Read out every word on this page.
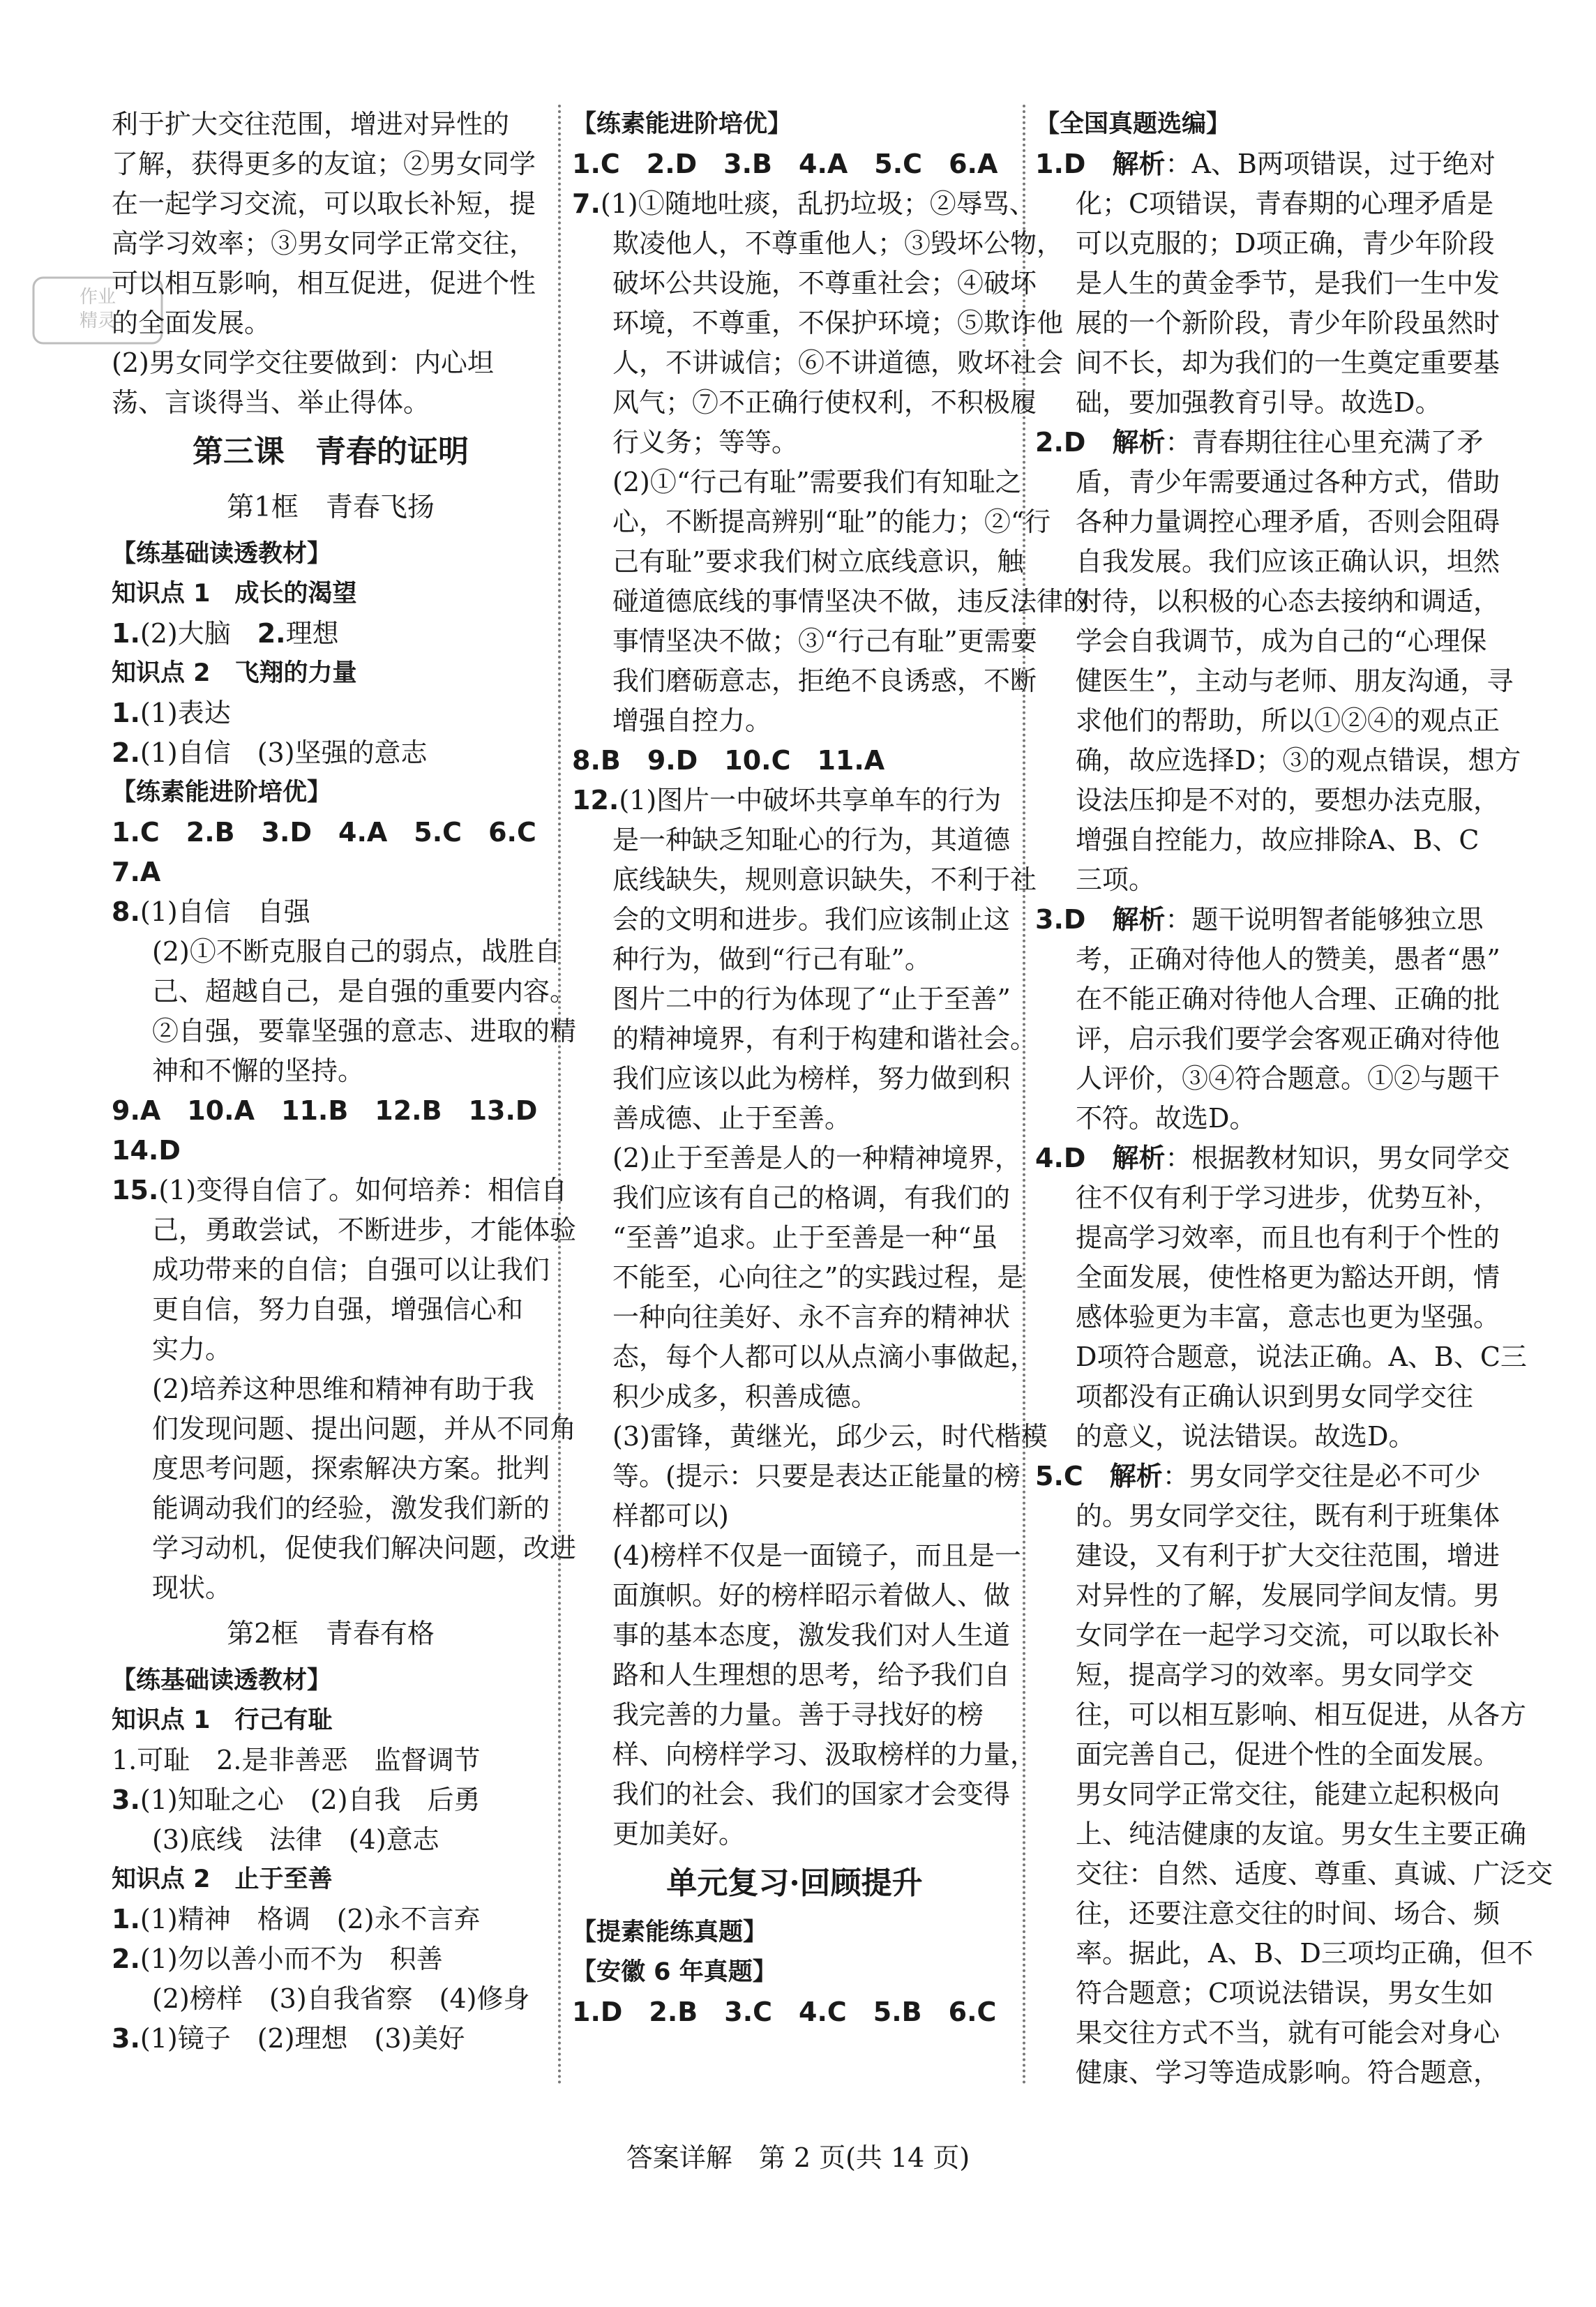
作业
精灵
利于扩大交往范围，增进对异性的
了解，获得更多的友谊；②男女同学
在一起学习交流，可以取长补短，提
高学习效率；③男女同学正常交往，
可以相互影响，相互促进，促进个性
的全面发展。
(2)男女同学交往要做到：内心坦
荡、言谈得当、举止得体。
第三课　青春的证明
第1框　青春飞扬
【练基础读透教材】
知识点 1　成长的渴望
1.(2)大脑　2.理想
知识点 2　飞翔的力量
1.(1)表达
2.(1)自信　(3)坚强的意志
【练素能进阶培优】
1.C　2.B　3.D　4.A　5.C　6.C
7.A
8.(1)自信　自强
(2)①不断克服自己的弱点，战胜自
己、超越自己，是自强的重要内容。
②自强，要靠坚强的意志、进取的精
神和不懈的坚持。
9.A　10.A　11.B　12.B　13.D
14.D
15.(1)变得自信了。如何培养：相信自
己，勇敢尝试，不断进步，才能体验
成功带来的自信；自强可以让我们
更自信，努力自强，增强信心和
实力。
(2)培养这种思维和精神有助于我
们发现问题、提出问题，并从不同角
度思考问题，探索解决方案。批判
能调动我们的经验，激发我们新的
学习动机，促使我们解决问题，改进
现状。
第2框　青春有格
【练基础读透教材】
知识点 1　行己有耻
1.可耻　2.是非善恶　监督调节
3.(1)知耻之心　(2)自我　后勇
(3)底线　法律　(4)意志
知识点 2　止于至善
1.(1)精神　格调　(2)永不言弃
2.(1)勿以善小而不为　积善
(2)榜样　(3)自我省察　(4)修身
3.(1)镜子　(2)理想　(3)美好
【练素能进阶培优】
1.C　2.D　3.B　4.A　5.C　6.A
7.(1)①随地吐痰，乱扔垃圾；②辱骂、
欺凌他人，不尊重他人；③毁坏公物，
破坏公共设施，不尊重社会；④破坏
环境，不尊重，不保护环境；⑤欺诈他
人，不讲诚信；⑥不讲道德，败坏社会
风气；⑦不正确行使权利，不积极履
行义务；等等。
(2)①“行己有耻”需要我们有知耻之
心，不断提高辨别“耻”的能力；②“行
己有耻”要求我们树立底线意识，触
碰道德底线的事情坚决不做，违反法律的
事情坚决不做；③“行己有耻”更需要
我们磨砺意志，拒绝不良诱惑，不断
增强自控力。
8.B　9.D　10.C　11.A
12.(1)图片一中破坏共享单车的行为
是一种缺乏知耻心的行为，其道德
底线缺失，规则意识缺失，不利于社
会的文明和进步。我们应该制止这
种行为，做到“行己有耻”。
图片二中的行为体现了“止于至善”
的精神境界，有利于构建和谐社会。
我们应该以此为榜样，努力做到积
善成德、止于至善。
(2)止于至善是人的一种精神境界，
我们应该有自己的格调，有我们的
“至善”追求。止于至善是一种“虽
不能至，心向往之”的实践过程，是
一种向往美好、永不言弃的精神状
态，每个人都可以从点滴小事做起，
积少成多，积善成德。
(3)雷锋，黄继光，邱少云，时代楷模
等。(提示：只要是表达正能量的榜
样都可以)
(4)榜样不仅是一面镜子，而且是一
面旗帜。好的榜样昭示着做人、做
事的基本态度，激发我们对人生道
路和人生理想的思考，给予我们自
我完善的力量。善于寻找好的榜
样、向榜样学习、汲取榜样的力量，
我们的社会、我们的国家才会变得
更加美好。
单元复习·回顾提升
【提素能练真题】
【安徽 6 年真题】
1.D　2.B　3.C　4.C　5.B　6.C
【全国真题选编】
1.D　 解析：A、B两项错误，过于绝对
化；C项错误，青春期的心理矛盾是
可以克服的；D项正确，青少年阶段
是人生的黄金季节，是我们一生中发
展的一个新阶段，青少年阶段虽然时
间不长，却为我们的一生奠定重要基
础，要加强教育引导。故选D。
2.D　 解析：青春期往往心里充满了矛
盾，青少年需要通过各种方式，借助
各种力量调控心理矛盾，否则会阻碍
自我发展。我们应该正确认识，坦然
对待，以积极的心态去接纳和调适，
学会自我调节，成为自己的“心理保
健医生”，主动与老师、朋友沟通，寻
求他们的帮助，所以①②④的观点正
确，故应选择D；③的观点错误，想方
设法压抑是不对的，要想办法克服，
增强自控能力，故应排除A、B、C
三项。
3.D　 解析：题干说明智者能够独立思
考，正确对待他人的赞美，愚者“愚”
在不能正确对待他人合理、正确的批
评，启示我们要学会客观正确对待他
人评价，③④符合题意。①②与题干
不符。故选D。
4.D　 解析：根据教材知识，男女同学交
往不仅有利于学习进步，优势互补，
提高学习效率，而且也有利于个性的
全面发展，使性格更为豁达开朗，情
感体验更为丰富，意志也更为坚强。
D项符合题意，说法正确。A、B、C三
项都没有正确认识到男女同学交往
的意义，说法错误。故选D。
5.C　 解析：男女同学交往是必不可少
的。男女同学交往，既有利于班集体
建设，又有利于扩大交往范围，增进
对异性的了解，发展同学间友情。男
女同学在一起学习交流，可以取长补
短，提高学习的效率。男女同学交
往，可以相互影响、相互促进，从各方
面完善自己，促进个性的全面发展。
男女同学正常交往，能建立起积极向
上、纯洁健康的友谊。男女生主要正确
交往：自然、适度、尊重、真诚、广泛交
往，还要注意交往的时间、场合、频
率。据此，A、B、D三项均正确，但不
符合题意；C项说法错误，男女生如
果交往方式不当，就有可能会对身心
健康、学习等造成影响。符合题意，
答案详解　第 2 页(共 14 页)
